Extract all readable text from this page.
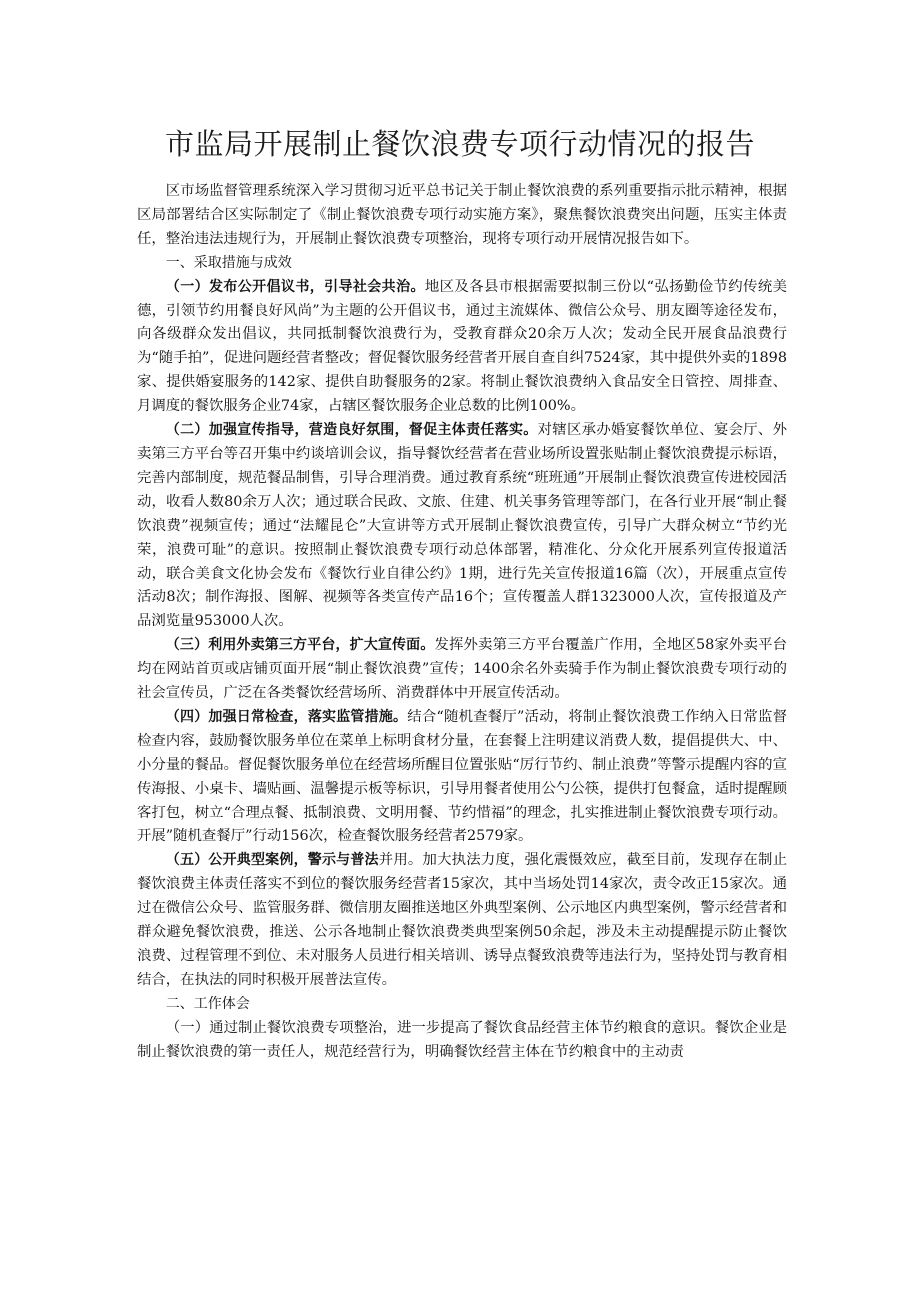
市监局开展制止餐饮浪费专项行动情况的报告

区市场监督管理系统深入学习贯彻习近平总书记关于制止餐饮浪费的系列重要指示批示精神，根据区局部署结合区实际制定了《制止餐饮浪费专项行动实施方案》，聚焦餐饮浪费突出问题，压实主体责任，整治违法违规行为，开展制止餐饮浪费专项整治，现将专项行动开展情况报告如下。

一、采取措施与成效

（一）发布公开倡议书，引导社会共治。地区及各县市根据需要拟制三份以“弘扬勤俭节约传统美德，引领节约用餐良好风尚”为主题的公开倡议书，通过主流媒体、微信公众号、朋友圈等途径发布，向各级群众发出倡议，共同抵制餐饮浪费行为，受教育群众20余万人次；发动全民开展食品浪费行为“随手拍”，促进问题经营者整改；督促餐饮服务经营者开展自查自纠7524家，其中提供外卖的1898家、提供婚宴服务的142家、提供自助餐服务的2家。将制止餐饮浪费纳入食品安全日管控、周排查、月调度的餐饮服务企业74家，占辖区餐饮服务企业总数的比例100%。

（二）加强宣传指导，营造良好氛围，督促主体责任落实。对辖区承办婚宴餐饮单位、宴会厅、外卖第三方平台等召开集中约谈培训会议，指导餐饮经营者在营业场所设置张贴制止餐饮浪费提示标语，完善内部制度，规范餐品制售，引导合理消费。通过教育系统“班班通”开展制止餐饮浪费宣传进校园活动，收看人数80余万人次；通过联合民政、文旅、住建、机关事务管理等部门，在各行业开展“制止餐饮浪费”视频宣传；通过“法耀昆仑”大宣讲等方式开展制止餐饮浪费宣传，引导广大群众树立“节约光荣，浪费可耻”的意识。按照制止餐饮浪费专项行动总体部署，精准化、分众化开展系列宣传报道活动，联合美食文化协会发布《餐饮行业自律公约》1期，进行先关宣传报道16篇（次），开展重点宣传活动8次；制作海报、图解、视频等各类宣传产品16个；宣传覆盖人群1323000人次，宣传报道及产品浏览量953000人次。

（三）利用外卖第三方平台，扩大宣传面。发挥外卖第三方平台覆盖广作用，全地区58家外卖平台均在网站首页或店铺页面开展“制止餐饮浪费”宣传；1400余名外卖骑手作为制止餐饮浪费专项行动的社会宣传员，广泛在各类餐饮经营场所、消费群体中开展宣传活动。

（四）加强日常检查，落实监管措施。结合“随机查餐厅”活动，将制止餐饮浪费工作纳入日常监督检查内容，鼓励餐饮服务单位在菜单上标明食材分量，在套餐上注明建议消费人数，提倡提供大、中、小分量的餐品。督促餐饮服务单位在经营场所醒目位置张贴“厉行节约、制止浪费”等警示提醒内容的宣传海报、小桌卡、墙贴画、温馨提示板等标识，引导用餐者使用公勺公筷，提供打包餐盒，适时提醒顾客打包，树立“合理点餐、抵制浪费、文明用餐、节约惜福”的理念，扎实推进制止餐饮浪费专项行动。开展”随机查餐厅”行动156次，检查餐饮服务经营者2579家。

（五）公开典型案例，警示与普法并用。加大执法力度，强化震慑效应，截至目前，发现存在制止餐饮浪费主体责任落实不到位的餐饮服务经营者15家次，其中当场处罚14家次，责令改正15家次。通过在微信公众号、监管服务群、微信朋友圈推送地区外典型案例、公示地区内典型案例，警示经营者和群众避免餐饮浪费，推送、公示各地制止餐饮浪费类典型案例50余起，涉及未主动提醒提示防止餐饮浪费、过程管理不到位、未对服务人员进行相关培训、诱导点餐致浪费等违法行为，坚持处罚与教育相结合，在执法的同时积极开展普法宣传。

二、工作体会

（一）通过制止餐饮浪费专项整治，进一步提高了餐饮食品经营主体节约粮食的意识。餐饮企业是制止餐饮浪费的第一责任人，规范经营行为，明确餐饮经营主体在节约粮食中的主动责
